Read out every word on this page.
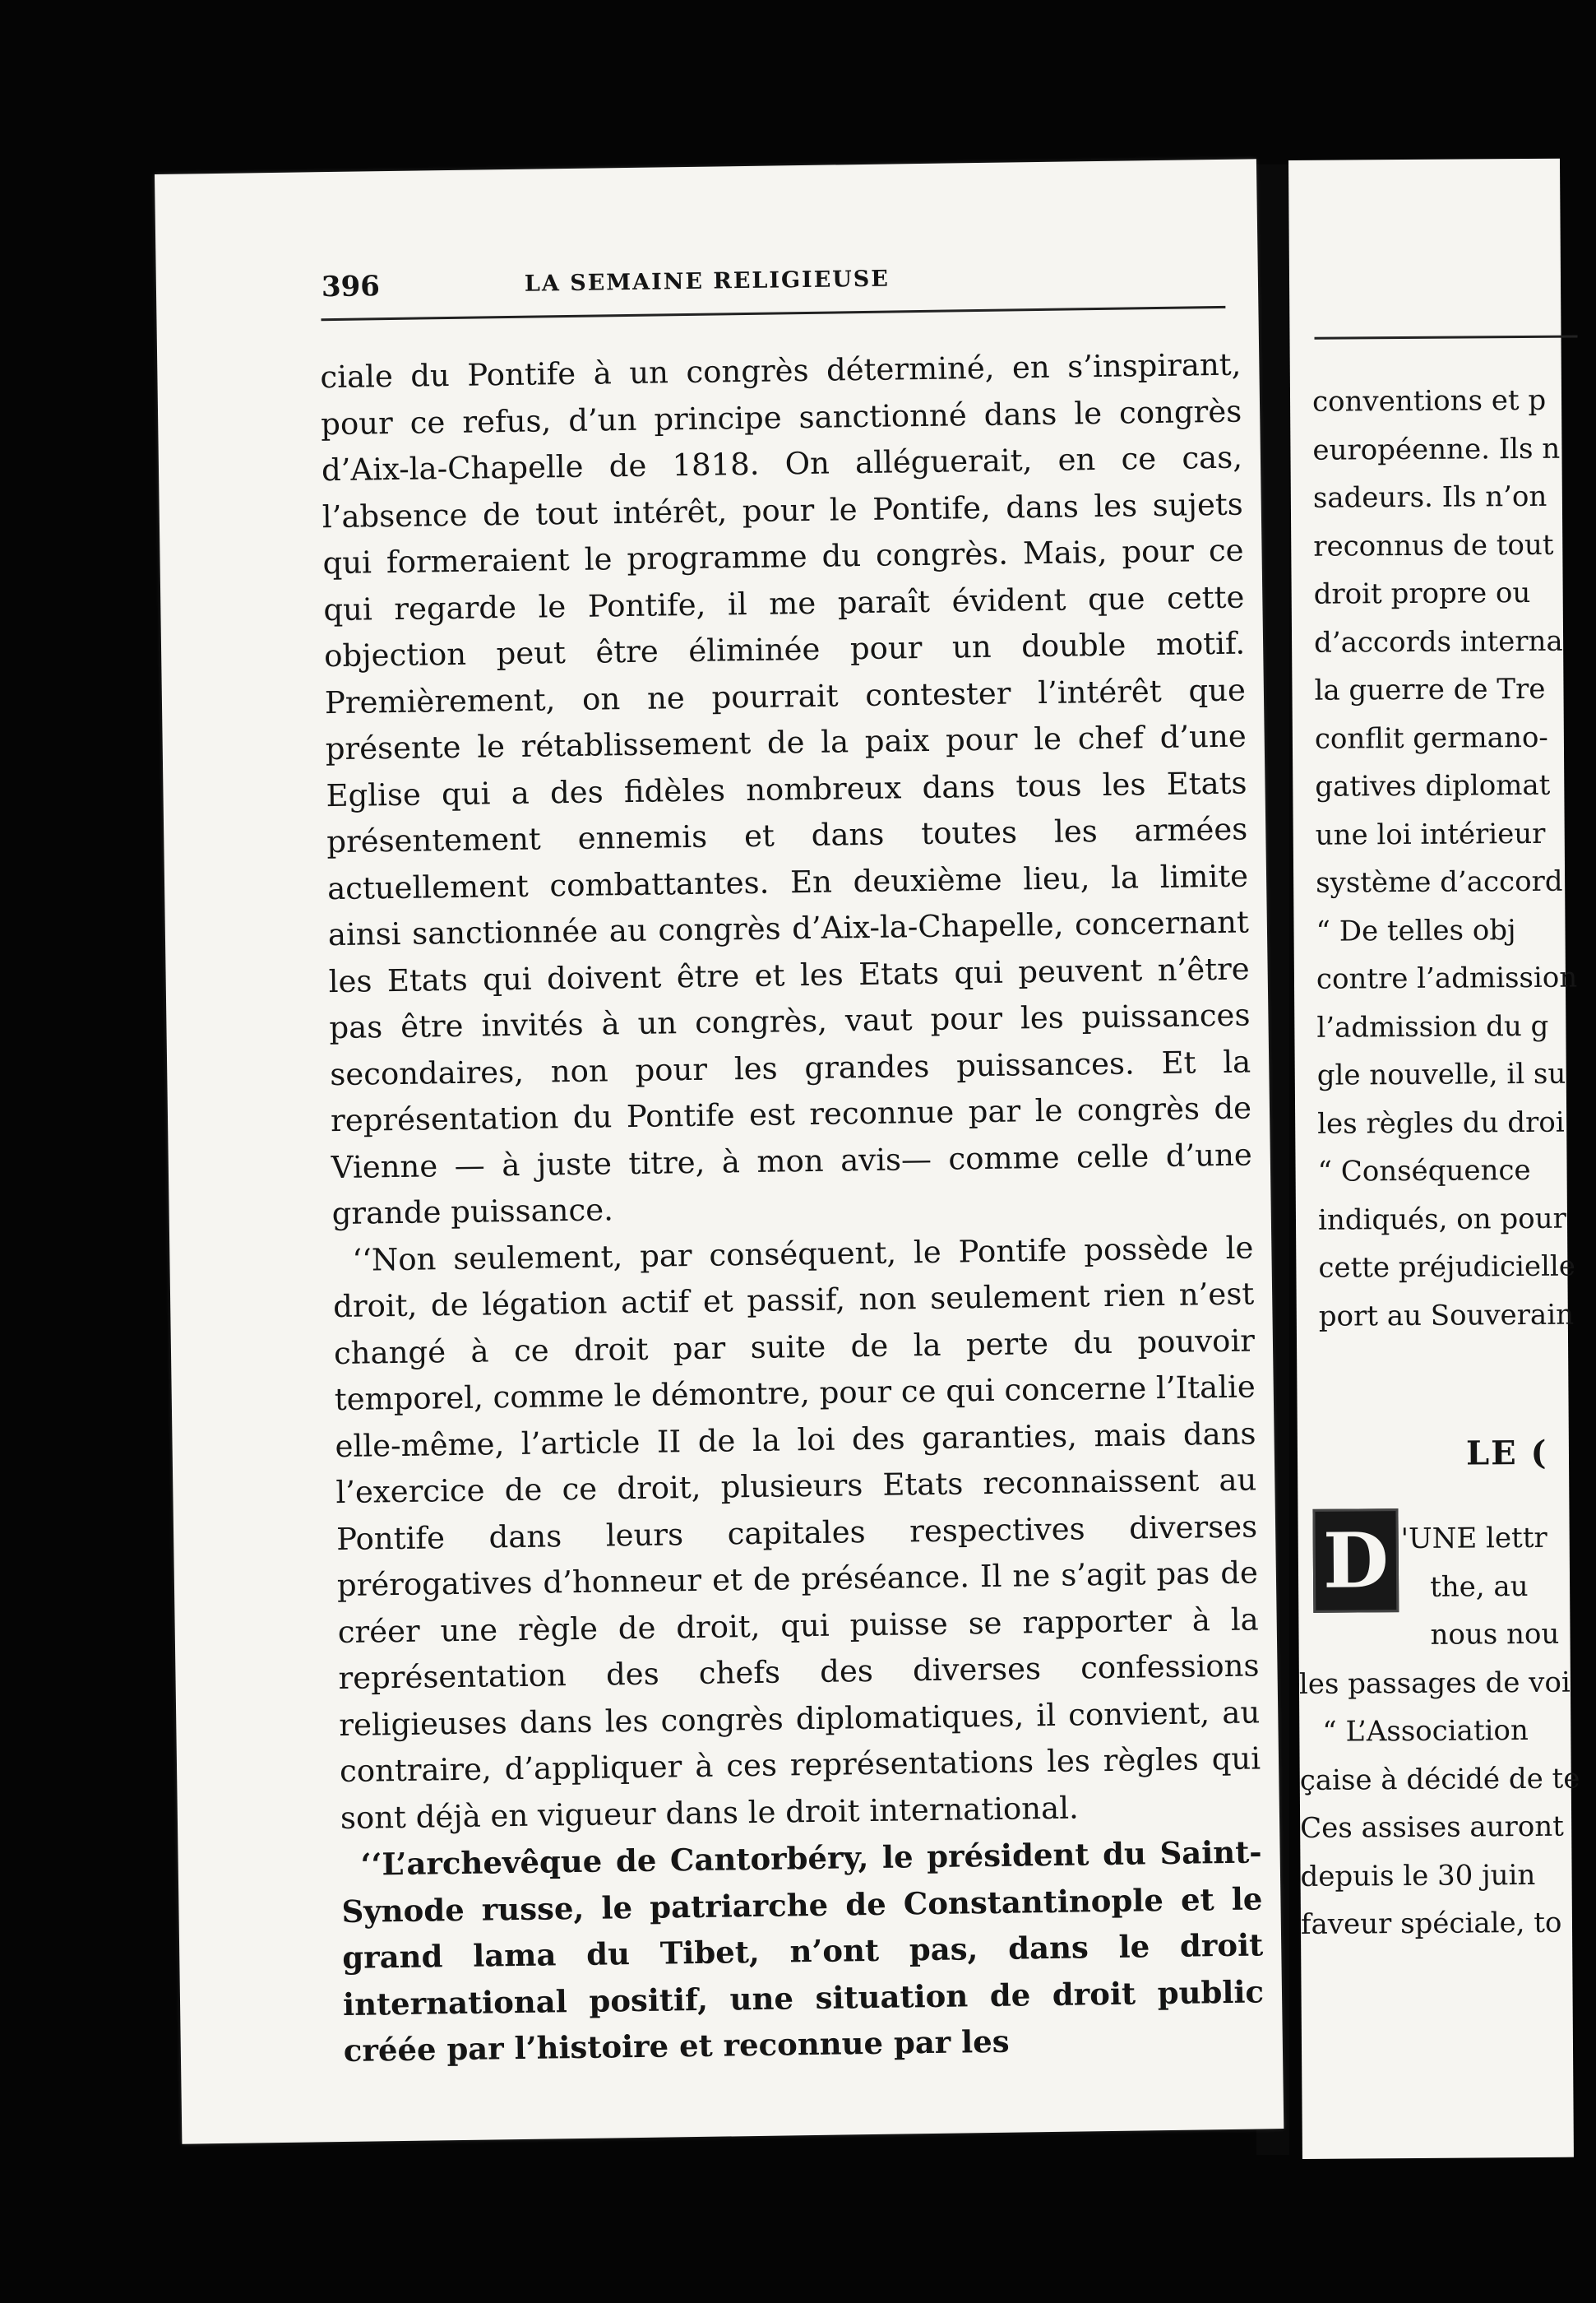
396	LA SEMAINE RELIGIEUSE

ciale du Pontife à un congrès déterminé, en s’inspirant, pour ce refus, d’un principe sanctionné dans le congrès d’Aix-la-Chapelle de 1818. On alléguerait, en ce cas, l’absence de tout intérêt, pour le Pontife, dans les sujets qui formeraient le programme du congrès. Mais, pour ce qui regarde le Pontife, il me paraît évident que cette objection peut être éliminée pour un double motif. Premièrement, on ne pourrait contester l’intérêt que présente le rétablissement de la paix pour le chef d’une Eglise qui a des fidèles nombreux dans tous les Etats présentement ennemis et dans toutes les armées actuellement combattantes. En deuxième lieu, la limite ainsi sanctionnée au congrès d’Aix-la-Chapelle, concernant les Etats qui doivent être et les Etats qui peuvent n’être pas être invités à un congrès, vaut pour les puissances secondaires, non pour les grandes puissances. Et la représentation du Pontife est reconnue par le congrès de Vienne — à juste titre, à mon avis— comme celle d’une grande puissance.

‘‘Non seulement, par conséquent, le Pontife possède le droit, de légation actif et passif, non seulement rien n’est changé à ce droit par suite de la perte du pouvoir temporel, comme le démontre, pour ce qui concerne l’Italie elle-même, l’article II de la loi des garanties, mais dans l’exercice de ce droit, plusieurs Etats reconnaissent au Pontife dans leurs capitales respectives diverses prérogatives d’honneur et de préséance. Il ne s’agit pas de créer une règle de droit, qui puisse se rapporter à la représentation des chefs des diverses confessions religieuses dans les congrès diplomatiques, il convient, au contraire, d’appliquer à ces représentations les règles qui sont déjà en vigueur dans le droit international.

‘‘L’archevêque de Cantorbéry, le président du Saint-Synode russe, le patriarche de Constantinople et le grand lama du Tibet, n’ont pas, dans le droit international positif, une situation de droit public créée par l’histoire et reconnue par les

conventions et p
européenne. Ils n
sadeurs. Ils n’on
reconnus de tout
droit propre ou
d’accords interna
la guerre de Tre
conflit germano-
gatives diplomat
une loi intérieur
système d’accord
“ De telles obj
contre l’admission
l’admission du g
gle nouvelle, il su
les règles du droi
“ Conséquence
indiqués, on pour
cette préjudicielle
port au Souverain
LE (
D 'UNE lettr
the, au
nous nou
les passages de voi
“ L’Association
çaise à décidé de te
Ces assises auront
depuis le 30 juin
faveur spéciale, to
